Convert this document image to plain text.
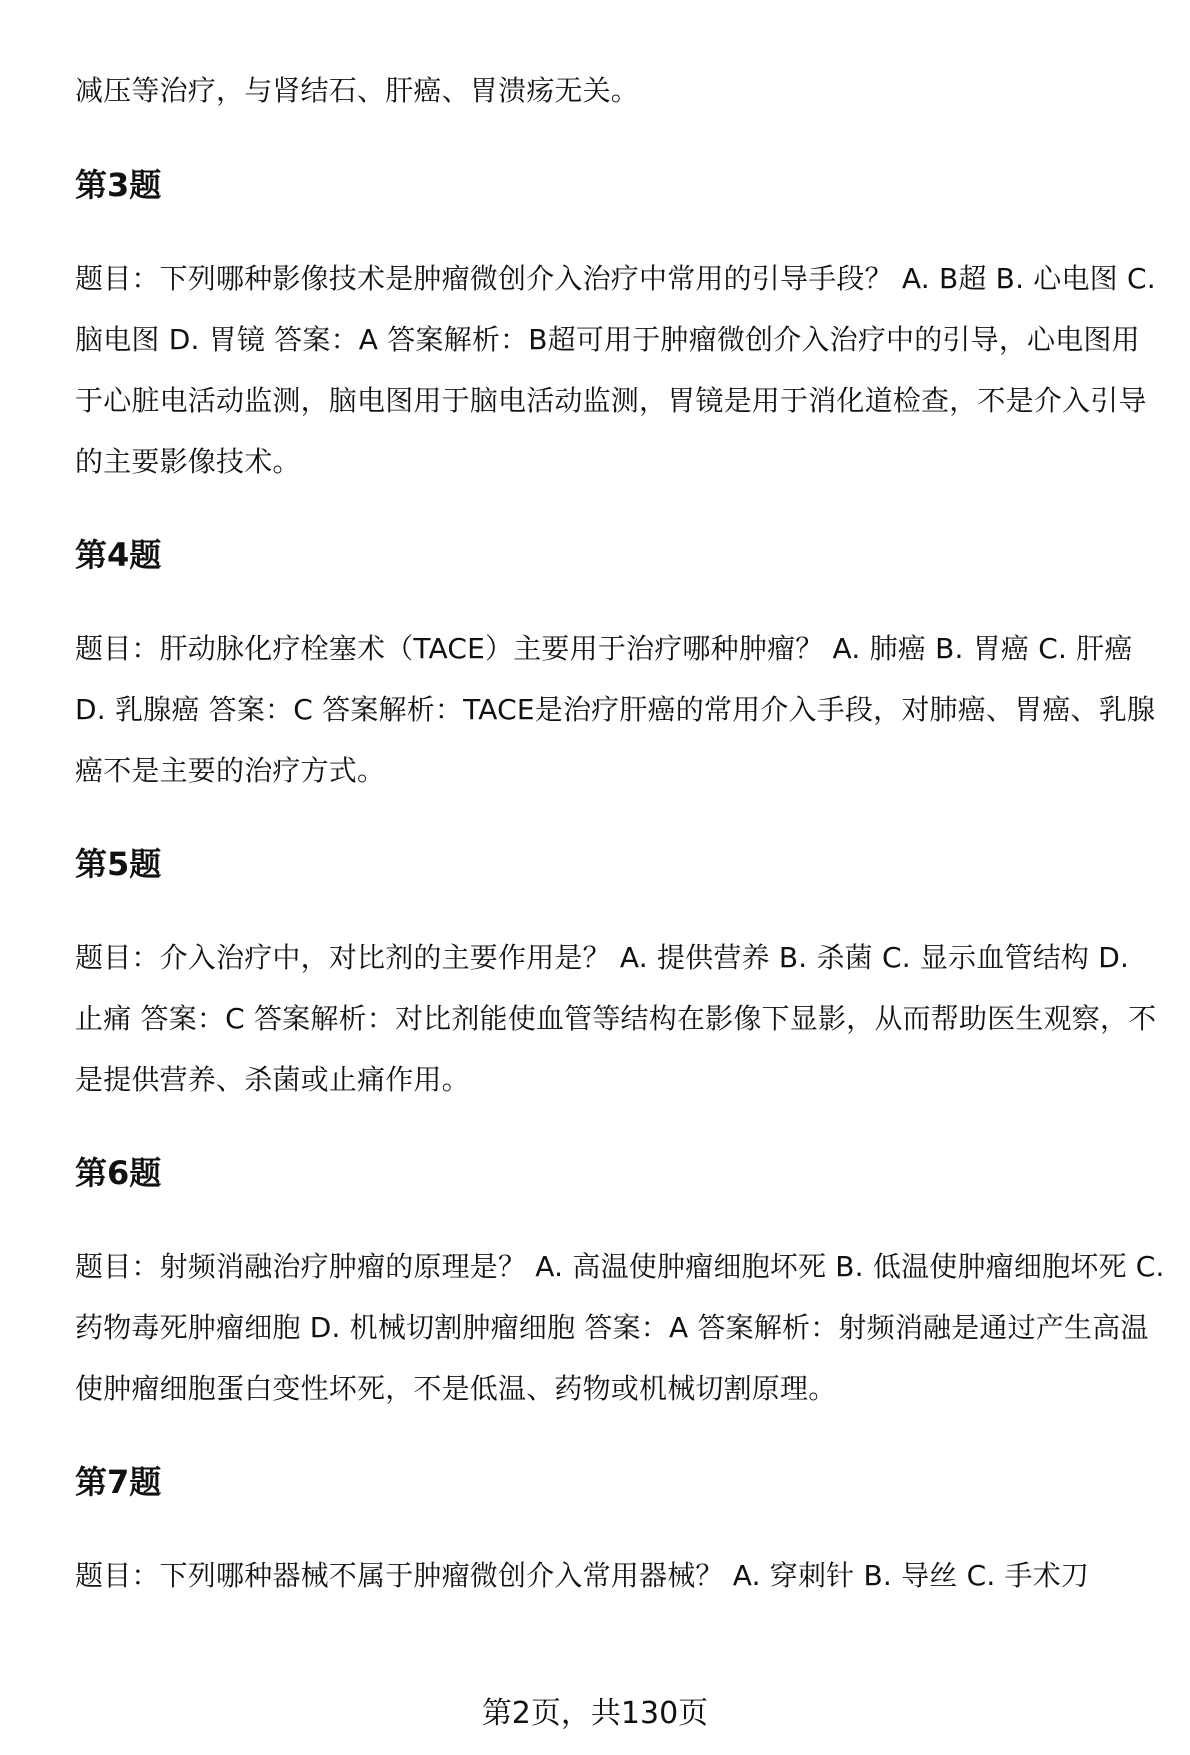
减压等治疗，与肾结石、肝癌、胃溃疡无关。

第3题

题目：下列哪种影像技术是肿瘤微创介入治疗中常用的引导手段？ A. B超 B. 心电图 C. 脑电图 D. 胃镜 答案：A 答案解析：B超可用于肿瘤微创介入治疗中的引导，心电图用于心脏电活动监测，脑电图用于脑电活动监测，胃镜是用于消化道检查，不是介入引导的主要影像技术。

第4题

题目：肝动脉化疗栓塞术（TACE）主要用于治疗哪种肿瘤？ A. 肺癌 B. 胃癌 C. 肝癌 D. 乳腺癌 答案：C 答案解析：TACE是治疗肝癌的常用介入手段，对肺癌、胃癌、乳腺癌不是主要的治疗方式。

第5题

题目：介入治疗中，对比剂的主要作用是？ A. 提供营养 B. 杀菌 C. 显示血管结构 D. 止痛 答案：C 答案解析：对比剂能使血管等结构在影像下显影，从而帮助医生观察，不是提供营养、杀菌或止痛作用。

第6题

题目：射频消融治疗肿瘤的原理是？ A. 高温使肿瘤细胞坏死 B. 低温使肿瘤细胞坏死 C. 药物毒死肿瘤细胞 D. 机械切割肿瘤细胞 答案：A 答案解析：射频消融是通过产生高温使肿瘤细胞蛋白变性坏死，不是低温、药物或机械切割原理。

第7题

题目：下列哪种器械不属于肿瘤微创介入常用器械？ A. 穿刺针 B. 导丝 C. 手术刀

第2页，共130页
